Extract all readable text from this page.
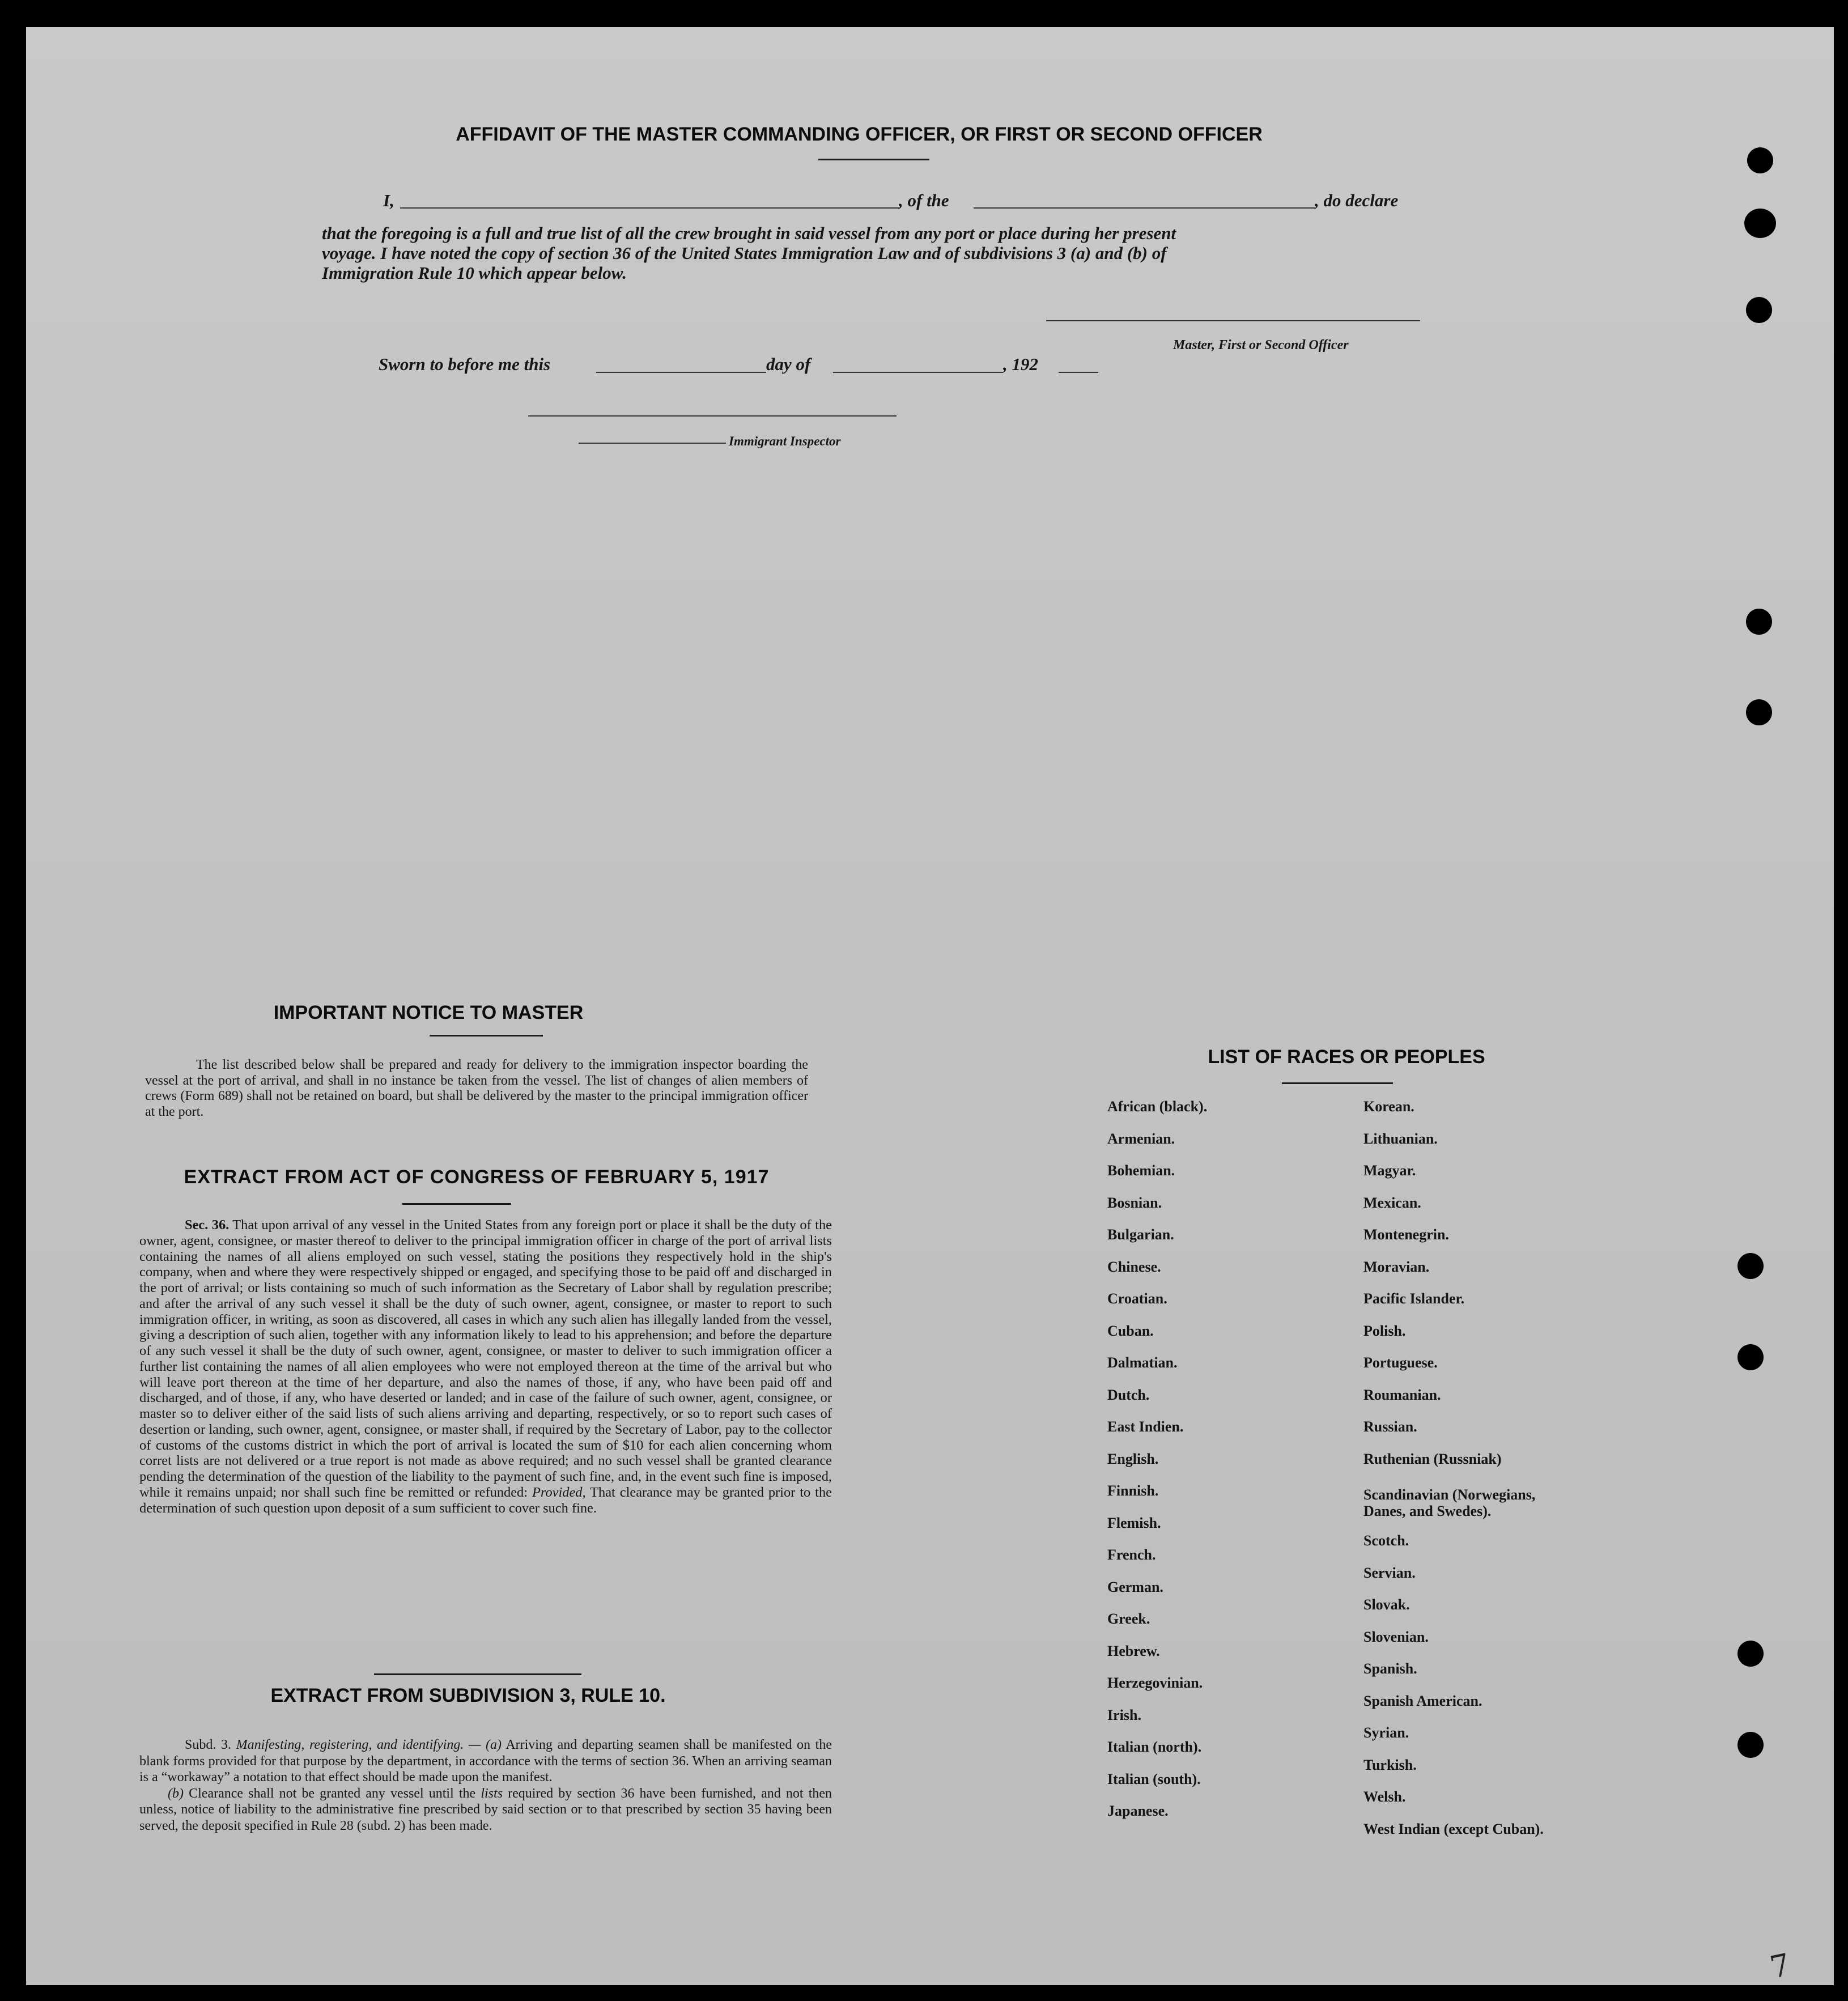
AFFIDAVIT OF THE MASTER COMMANDING OFFICER, OR FIRST OR SECOND OFFICER
I,	, of the	, do declare
that the foregoing is a full and true list of all the crew brought in said vessel from any port or place during her present
voyage. I have noted the copy of section 36 of the United States Immigration Law and of subdivisions 3 (a) and (b) of
Immigration Rule 10 which appear below.
Master, First or Second Officer
Sworn to before me this	day of	, 192
Immigrant Inspector
IMPORTANT NOTICE TO MASTER

The list described below shall be prepared and ready for delivery to the immigration inspector boarding the vessel at the port of arrival, and shall in no instance be taken from the vessel. The list of changes of alien members of crews (Form 689) shall not be retained on board, but shall be delivered by the master to the principal immigration officer at the port.

EXTRACT FROM ACT OF CONGRESS OF FEBRUARY 5, 1917

Sec. 36. That upon arrival of any vessel in the United States from any foreign port or place it shall be the duty of the owner, agent, consignee, or master thereof to deliver to the principal immigration officer in charge of the port of arrival lists containing the names of all aliens employed on such vessel, stating the positions they respectively hold in the ship's company, when and where they were respectively shipped or engaged, and specifying those to be paid off and discharged in the port of arrival; or lists containing so much of such information as the Secretary of Labor shall by regulation prescribe; and after the arrival of any such vessel it shall be the duty of such owner, agent, consignee, or master to report to such immigration officer, in writing, as soon as discovered, all cases in which any such alien has illegally landed from the vessel, giving a description of such alien, together with any information likely to lead to his apprehension; and before the departure of any such vessel it shall be the duty of such owner, agent, consignee, or master to deliver to such immigration officer a further list containing the names of all alien employees who were not employed thereon at the time of the arrival but who will leave port thereon at the time of her departure, and also the names of those, if any, who have been paid off and discharged, and of those, if any, who have deserted or landed; and in case of the failure of such owner, agent, consignee, or master so to deliver either of the said lists of such aliens arriving and departing, respectively, or so to report such cases of desertion or landing, such owner, agent, consignee, or master shall, if required by the Secretary of Labor, pay to the collector of customs of the customs district in which the port of arrival is located the sum of $10 for each alien concerning whom corret lists are not delivered or a true report is not made as above required; and no such vessel shall be granted clearance pending the determination of the question of the liability to the payment of such fine, and, in the event such fine is imposed, while it remains unpaid; nor shall such fine be remitted or refunded: Provided, That clearance may be granted prior to the determination of such question upon deposit of a sum sufficient to cover such fine.

EXTRACT FROM SUBDIVISION 3, RULE 10.

Subd. 3. Manifesting, registering, and identifying. — (a) Arriving and departing seamen shall be manifested on the blank forms provided for that purpose by the department, in accordance with the terms of section 36. When an arriving seaman is a “workaway” a notation to that effect should be made upon the manifest.

(b) Clearance shall not be granted any vessel until the lists required by section 36 have been furnished, and not then unless, notice of liability to the administrative fine prescribed by said section or to that prescribed by section 35 having been served, the deposit specified in Rule 28 (subd. 2) has been made.

LIST OF RACES OR PEOPLES
African (black).
Armenian.
Bohemian.
Bosnian.
Bulgarian.
Chinese.
Croatian.
Cuban.
Dalmatian.
Dutch.
East Indien.
English.
Finnish.
Flemish.
French.
German.
Greek.
Hebrew.
Herzegovinian.
Irish.
Italian (north).
Italian (south).
Japanese.
Korean.
Lithuanian.
Magyar.
Mexican.
Montenegrin.
Moravian.
Pacific Islander.
Polish.
Portuguese.
Roumanian.
Russian.
Ruthenian (Russniak)
Scandinavian (Norwegians, Danes, and Swedes).
Scotch.
Servian.
Slovak.
Slovenian.
Spanish.
Spanish American.
Syrian.
Turkish.
Welsh.
West Indian (except Cuban).
7
